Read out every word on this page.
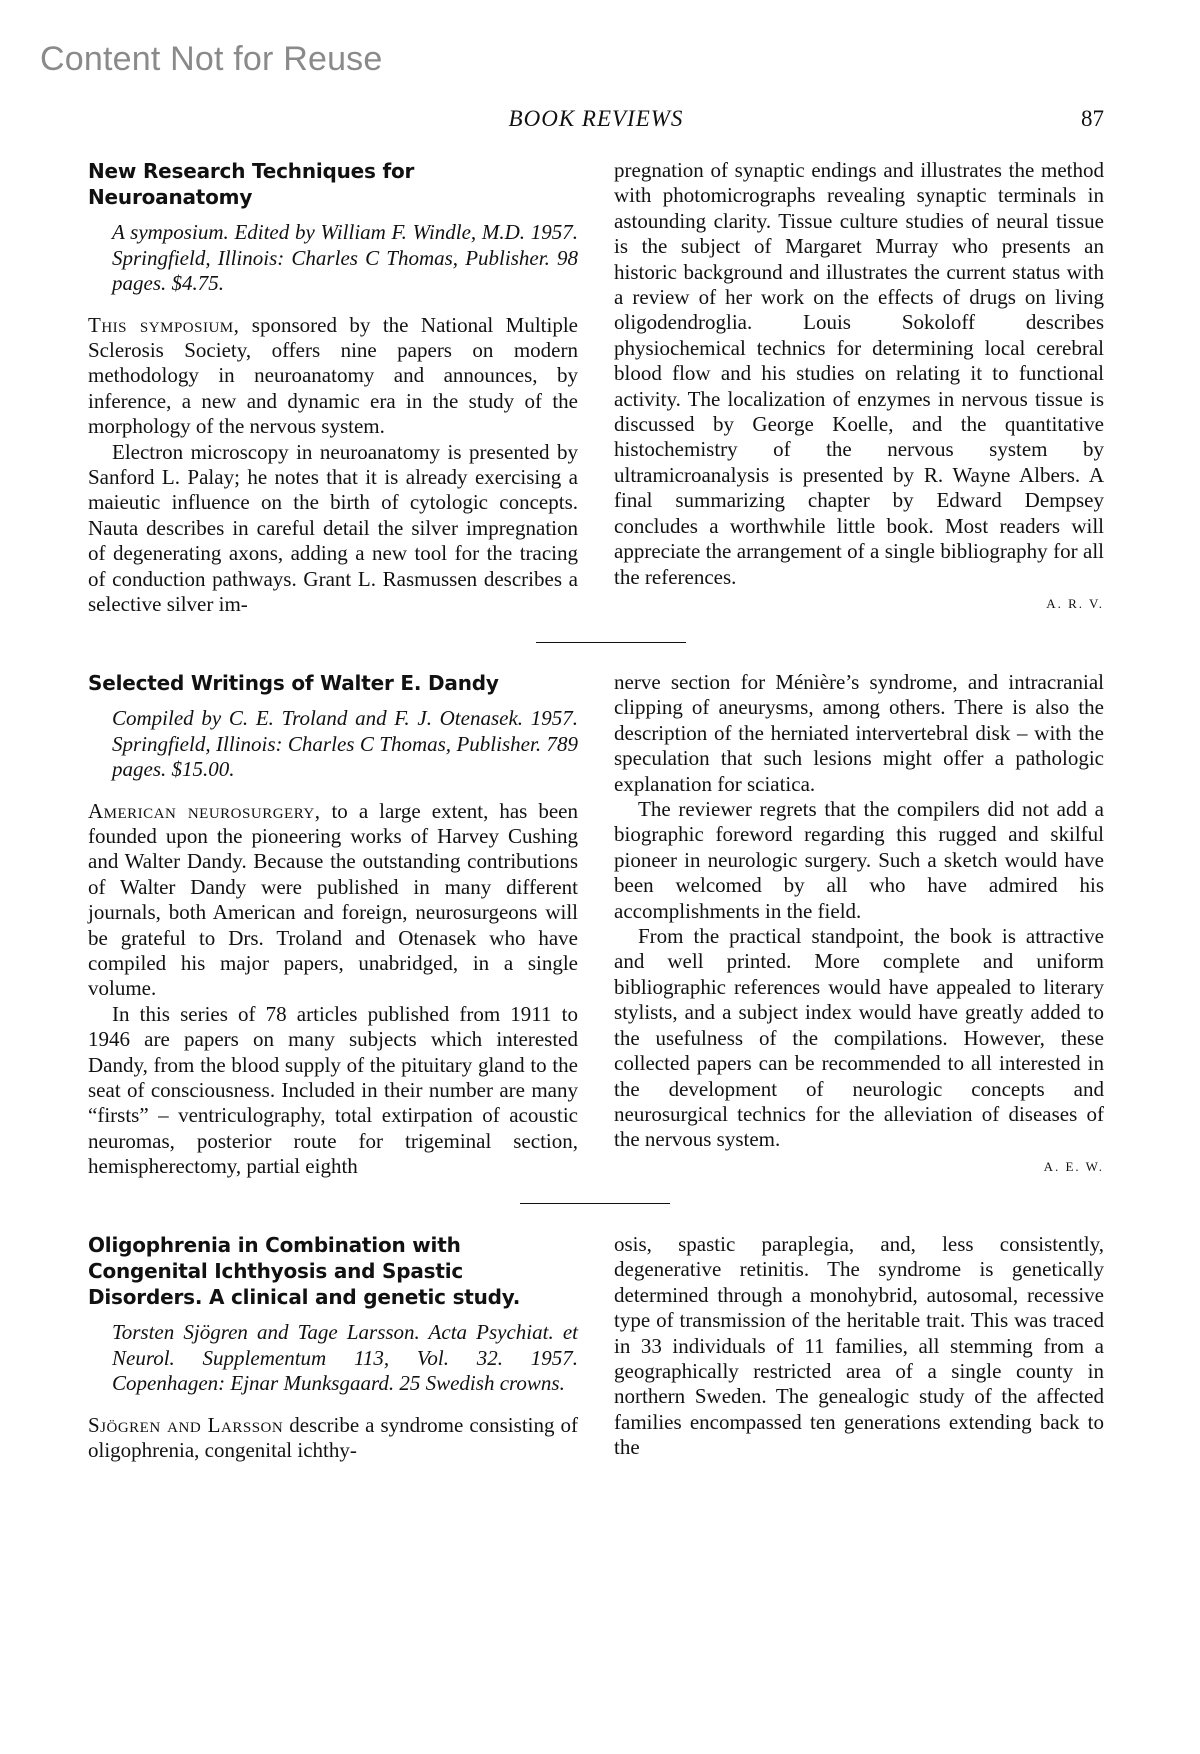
Content Not for Reuse
BOOK REVIEWS	87
New Research Techniques for Neuroanatomy
A symposium. Edited by William F. Windle, M.D. 1957. Springfield, Illinois: Charles C Thomas, Publisher. 98 pages. $4.75.

This symposium, sponsored by the National Multiple Sclerosis Society, offers nine papers on modern methodology in neuroanatomy and announces, by inference, a new and dynamic era in the study of the morphology of the nervous system.

Electron microscopy in neuroanatomy is presented by Sanford L. Palay; he notes that it is already exercising a maieutic influence on the birth of cytologic concepts. Nauta describes in careful detail the silver impregnation of degenerating axons, adding a new tool for the tracing of conduction pathways. Grant L. Rasmussen describes a selective silver im-

pregnation of synaptic endings and illustrates the method with photomicrographs revealing synaptic terminals in astounding clarity. Tissue culture studies of neural tissue is the subject of Margaret Murray who presents an historic background and illustrates the current status with a review of her work on the effects of drugs on living oligodendroglia. Louis Sokoloff describes physiochemical technics for determining local cerebral blood flow and his studies on relating it to functional activity. The localization of enzymes in nervous tissue is discussed by George Koelle, and the quantitative histochemistry of the nervous system by ultramicroanalysis is presented by R. Wayne Albers. A final summarizing chapter by Edward Dempsey concludes a worthwhile little book. Most readers will appreciate the arrangement of a single bibliography for all the references.

A. R. V.
Selected Writings of Walter E. Dandy
Compiled by C. E. Troland and F. J. Otenasek. 1957. Springfield, Illinois: Charles C Thomas, Publisher. 789 pages. $15.00.

American neurosurgery, to a large extent, has been founded upon the pioneering works of Harvey Cushing and Walter Dandy. Because the outstanding contributions of Walter Dandy were published in many different journals, both American and foreign, neurosurgeons will be grateful to Drs. Troland and Otenasek who have compiled his major papers, unabridged, in a single volume.

In this series of 78 articles published from 1911 to 1946 are papers on many subjects which interested Dandy, from the blood supply of the pituitary gland to the seat of consciousness. Included in their number are many “firsts” – ventriculography, total extirpation of acoustic neuromas, posterior route for trigeminal section, hemispherectomy, partial eighth

nerve section for Ménière’s syndrome, and intracranial clipping of aneurysms, among others. There is also the description of the herniated intervertebral disk – with the speculation that such lesions might offer a pathologic explanation for sciatica.

The reviewer regrets that the compilers did not add a biographic foreword regarding this rugged and skilful pioneer in neurologic surgery. Such a sketch would have been welcomed by all who have admired his accomplishments in the field.

From the practical standpoint, the book is attractive and well printed. More complete and uniform bibliographic references would have appealed to literary stylists, and a subject index would have greatly added to the usefulness of the compilations. However, these collected papers can be recommended to all interested in the development of neurologic concepts and neurosurgical technics for the alleviation of diseases of the nervous system.

A. E. W.
Oligophrenia in Combination with Congenital Ichthyosis and Spastic Disorders. A clinical and genetic study.
Torsten Sjögren and Tage Larsson. Acta Psychiat. et Neurol. Supplementum 113, Vol. 32. 1957. Copenhagen: Ejnar Munksgaard. 25 Swedish crowns.

Sjögren and Larsson describe a syndrome consisting of oligophrenia, congenital ichthy-

osis, spastic paraplegia, and, less consistently, degenerative retinitis. The syndrome is genetically determined through a monohybrid, autosomal, recessive type of transmission of the heritable trait. This was traced in 33 individuals of 11 families, all stemming from a geographically restricted area of a single county in northern Sweden. The genealogic study of the affected families encompassed ten generations extending back to the
